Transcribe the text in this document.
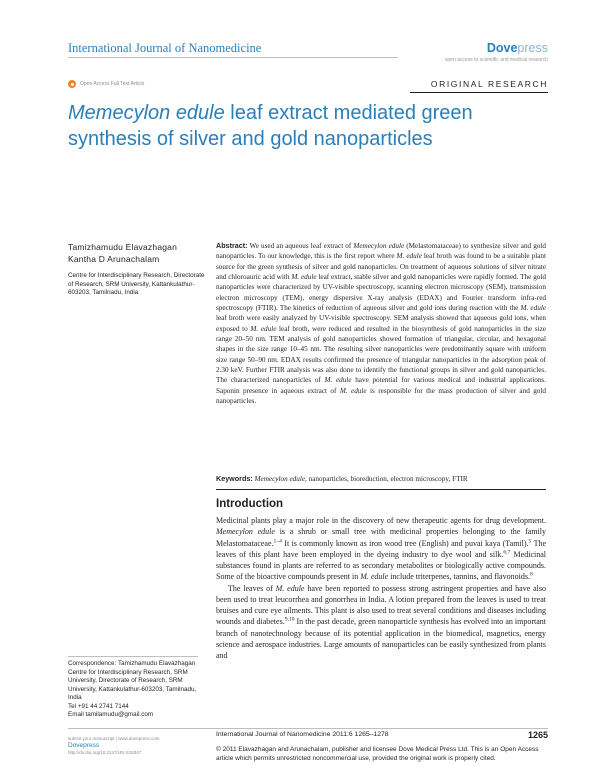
International Journal of Nanomedicine	Dovepress
open access to scientific and medical research
Open Access Full Text Article	ORIGINAL RESEARCH
Memecylon edule leaf extract mediated green synthesis of silver and gold nanoparticles
Tamizhamudu Elavazhagan
Kantha D Arunachalam
Centre for Interdisciplinary Research, Directorate of Research, SRM University, Kattankulathur-603203, Tamilnadu, India
Abstract: We used an aqueous leaf extract of Memecylon edule (Melastomataceae) to synthesize silver and gold nanoparticles. To our knowledge, this is the first report where M. edule leaf broth was found to be a suitable plant source for the green synthesis of silver and gold nanoparticles. On treatment of aqueous solutions of silver nitrate and chloroauric acid with M. edule leaf extract, stable silver and gold nanoparticles were rapidly formed. The gold nanoparticles were characterized by UV-visible spectroscopy, scanning electron microscopy (SEM), transmission electron microscopy (TEM), energy dispersive X-ray analysis (EDAX) and Fourier transform infra-red spectroscopy (FTIR). The kinetics of reduction of aqueous silver and gold ions during reaction with the M. edule leaf broth were easily analyzed by UV-visible spectroscopy. SEM analysis showed that aqueous gold ions, when exposed to M. edule leaf broth, were reduced and resulted in the biosynthesis of gold nanoparticles in the size range 20–50 nm. TEM analysis of gold nanoparticles showed formation of triangular, circular, and hexagonal shapes in the size range 10–45 nm. The resulting silver nanoparticles were predominantly square with uniform size range 50–90 nm. EDAX results confirmed the presence of triangular nanoparticles in the adsorption peak of 2.30 keV. Further FTIR analysis was also done to identify the functional groups in silver and gold nanoparticles. The characterized nanoparticles of M. edule have potential for various medical and industrial applications. Saponin presence in aqueous extract of M. edule is responsible for the mass production of silver and gold nanoparticles.
Keywords: Memecylon edule, nanoparticles, bioreduction, electron microscopy, FTIR
Introduction

Medicinal plants play a major role in the discovery of new therapeutic agents for drug development. Memecylon edule is a shrub or small tree with medicinal properties belonging to the family Melastomataceae.$^{1-4}$ It is commonly known as iron wood tree (English) and puvai kaya (Tamil).$^5$ The leaves of this plant have been employed in the dyeing industry to dye wool and silk.$^{6,7}$ Medicinal substances found in plants are referred to as secondary metabolites or biologically active compounds. Some of the bioactive compounds present in M. edule include triterpenes, tannins, and flavonoids.$^8$

The leaves of M. edule have been reported to possess strong astringent properties and have also been used to treat leucorrhea and gonorrhea in India. A lotion prepared from the leaves is used to treat bruises and cure eye ailments. This plant is also used to treat several conditions and diseases including wounds and diabetes.$^{9,10}$ In the past decade, green nanoparticle synthesis has evolved into an important branch of nanotechnology because of its potential application in the biomedical, magnetics, energy science and aerospace industries. Large amounts of nanoparticles can be easily synthesized from plants and

Correspondence: Tamizhamudu Elavazhagan
Centre for Interdisciplinary Research, SRM University, Directorate of Research, SRM University, Kattankulathur-603203, Tamilnadu, India
Tel +91 44 2741 7144
Email tamilamudu@gmail.com
submit your manuscript | www.dovepress.com
Dovepress
http://dx.doi.org/10.2147/IJN.S18347
International Journal of Nanomedicine 2011:6 1265–1278	1265
© 2011 Elavazhagan and Arunachalam, publisher and licensee Dove Medical Press Ltd. This is an Open Access article which permits unrestricted noncommercial use, provided the original work is properly cited.
